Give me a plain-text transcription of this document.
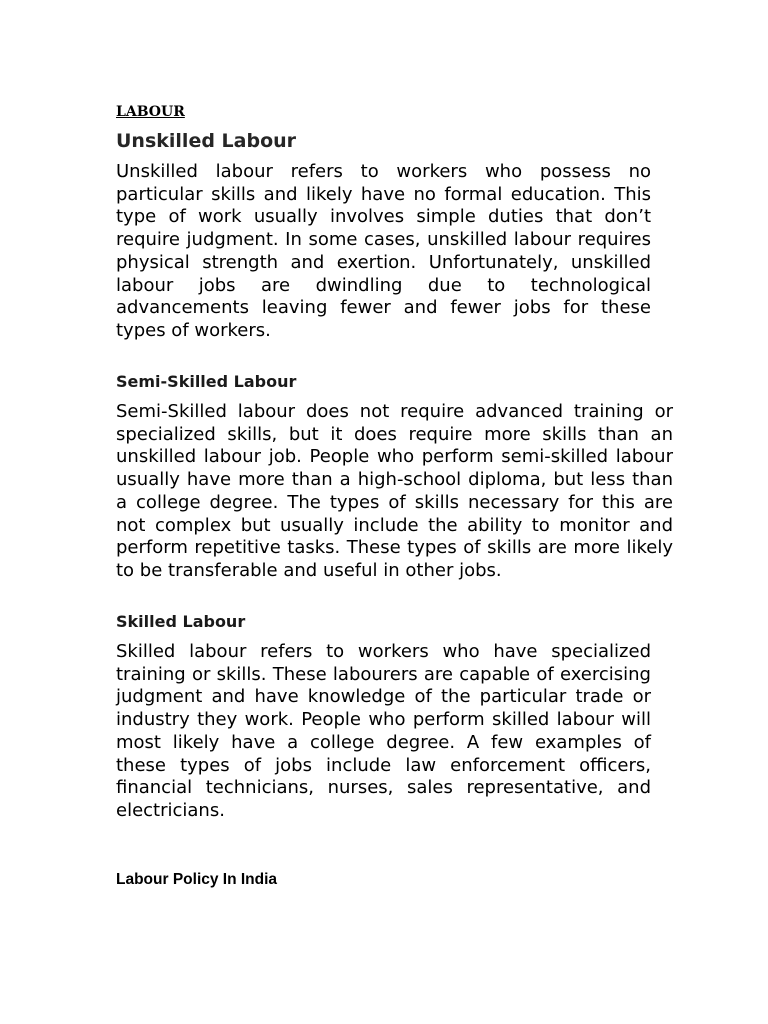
LABOUR
Unskilled Labour

Unskilled labour refers to workers who possess no particular skills and likely have no formal education. This type of work usually involves simple duties that don’t require judgment. In some cases, unskilled labour requires physical strength and exertion. Unfortunately, unskilled labour jobs are dwindling due to technological advancements leaving fewer and fewer jobs for these types of workers.

Semi-Skilled Labour

Semi-Skilled labour does not require advanced training or specialized skills, but it does require more skills than an unskilled labour job. People who perform semi-skilled labour usually have more than a high-school diploma, but less than a college degree. The types of skills necessary for this are not complex but usually include the ability to monitor and perform repetitive tasks. These types of skills are more likely to be transferable and useful in other jobs.

Skilled Labour

Skilled labour refers to workers who have specialized training or skills. These labourers are capable of exercising judgment and have knowledge of the particular trade or industry they work. People who perform skilled labour will most likely have a college degree. A few examples of these types of jobs include law enforcement officers, financial technicians, nurses, sales representative, and electricians.

Labour Policy In India
